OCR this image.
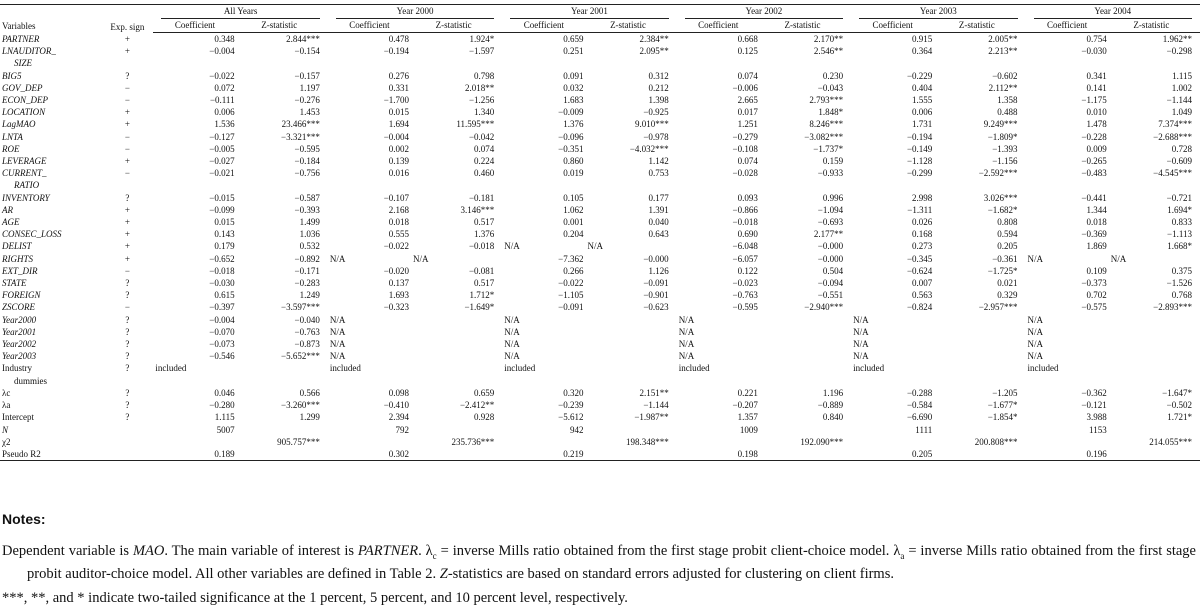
Variables	Exp. sign	All Years		Year 2000		Year 2001		Year 2002		Year 2003		Year 2004	

		Coefficient	Z-statistic	Coefficient	Z-statistic	Coefficient	Z-statistic	Coefficient	Z-statistic	Coefficient	Z-statistic	Coefficient	Z-statistic
PARTNER	+	0.348	2.844***	0.478	1.924*	0.659	2.384**	0.668	2.170**	0.915	2.005**	0.754	1.962**
LNAUDITOR_	+	−0.004	−0.154	−0.194	−1.597	0.251	2.095**	0.125	2.546**	0.364	2.213**	−0.030	−0.298
SIZE													
BIG5	?	−0.022	−0.157	0.276	0.798	0.091	0.312	0.074	0.230	−0.229	−0.602	0.341	1.115
GOV_DEP	−	0.072	1.197	0.331	2.018**	0.032	0.212	−0.006	−0.043	0.404	2.112**	0.141	1.002
ECON_DEP	−	−0.111	−0.276	−1.700	−1.256	1.683	1.398	2.665	2.793***	1.555	1.358	−1.175	−1.144
LOCATION	+	0.006	1.453	0.015	1.340	−0.009	−0.925	0.017	1.848*	0.006	0.488	0.010	1.049
LagMAO	+	1.536	23.466***	1.694	11.595***	1.376	9.010***	1.251	8.246***	1.731	9.249***	1.478	7.374***
LNTA	−	−0.127	−3.321***	−0.004	−0.042	−0.096	−0.978	−0.279	−3.082***	−0.194	−1.809*	−0.228	−2.688***
ROE	−	−0.005	−0.595	0.002	0.074	−0.351	−4.032***	−0.108	−1.737*	−0.149	−1.393	0.009	0.728
LEVERAGE	+	−0.027	−0.184	0.139	0.224	0.860	1.142	0.074	0.159	−1.128	−1.156	−0.265	−0.609
CURRENT_	−	−0.021	−0.756	0.016	0.460	0.019	0.753	−0.028	−0.933	−0.299	−2.592***	−0.483	−4.545***
RATIO													
INVENTORY	?	−0.015	−0.587	−0.107	−0.181	0.105	0.177	0.093	0.996	2.998	3.026***	−0.441	−0.721
AR	+	−0.099	−0.393	2.168	3.146***	1.062	1.391	−0.866	−1.094	−1.311	−1.682*	1.344	1.694*
AGE	+	0.015	1.499	0.018	0.517	0.001	0.040	−0.018	−0.693	0.026	0.808	0.018	0.833
CONSEC_LOSS	+	0.143	1.036	0.555	1.376	0.204	0.643	0.690	2.177**	0.168	0.594	−0.369	−1.113
DELIST	+	0.179	0.532	−0.022	−0.018	N/A	N/A	−6.048	−0.000	0.273	0.205	1.869	1.668*
RIGHTS	+	−0.652	−0.892	N/A	N/A	−7.362	−0.000	−6.057	−0.000	−0.345	−0.361	N/A	N/A
EXT_DIR	−	−0.018	−0.171	−0.020	−0.081	0.266	1.126	0.122	0.504	−0.624	−1.725*	0.109	0.375
STATE	?	−0.030	−0.283	0.137	0.517	−0.022	−0.091	−0.023	−0.094	0.007	0.021	−0.373	−1.526
FOREIGN	?	0.615	1.249	1.693	1.712*	−1.105	−0.901	−0.763	−0.551	0.563	0.329	0.702	0.768
ZSCORE	−	−0.397	−3.597***	−0.323	−1.649*	−0.091	−0.623	−0.595	−2.940***	−0.824	−2.957***	−0.575	−2.893***
Year2000	?	−0.004	−0.040	N/A		N/A		N/A		N/A		N/A	
Year2001	?	−0.070	−0.763	N/A		N/A		N/A		N/A		N/A	
Year2002	?	−0.073	−0.873	N/A		N/A		N/A		N/A		N/A	
Year2003	?	−0.546	−5.652***	N/A		N/A		N/A		N/A		N/A	
Industry	?	included		included		included		included		included		included	
dummies													
λc	?	0.046	0.566	0.098	0.659	0.320	2.151**	0.221	1.196	−0.288	−1.205	−0.362	−1.647*
λa	?	−0.280	−3.260***	−0.410	−2.412**	−0.239	−1.144	−0.207	−0.889	−0.584	−1.677*	−0.121	−0.502
Intercept	?	1.115	1.299	2.394	0.928	−5.612	−1.987**	1.357	0.840	−6.690	−1.854*	3.988	1.721*
N		5007		792		942		1009		1111		1153	
χ2			905.757***		235.736***		198.348***		192.090***		200.808***		214.055***
Pseudo R2		0.189		0.302		0.219		0.198		0.205		0.196	
Notes:

Dependent variable is MAO. The main variable of interest is PARTNER. $\lambda_c$ = inverse Mills ratio obtained from the first stage probit client-choice model. $\lambda_a$ = inverse Mills ratio obtained from the first stage probit auditor-choice model. All other variables are defined in Table 2. Z-statistics are based on standard errors adjusted for clustering on client firms.

***, **, and * indicate two-tailed significance at the 1 percent, 5 percent, and 10 percent level, respectively.
